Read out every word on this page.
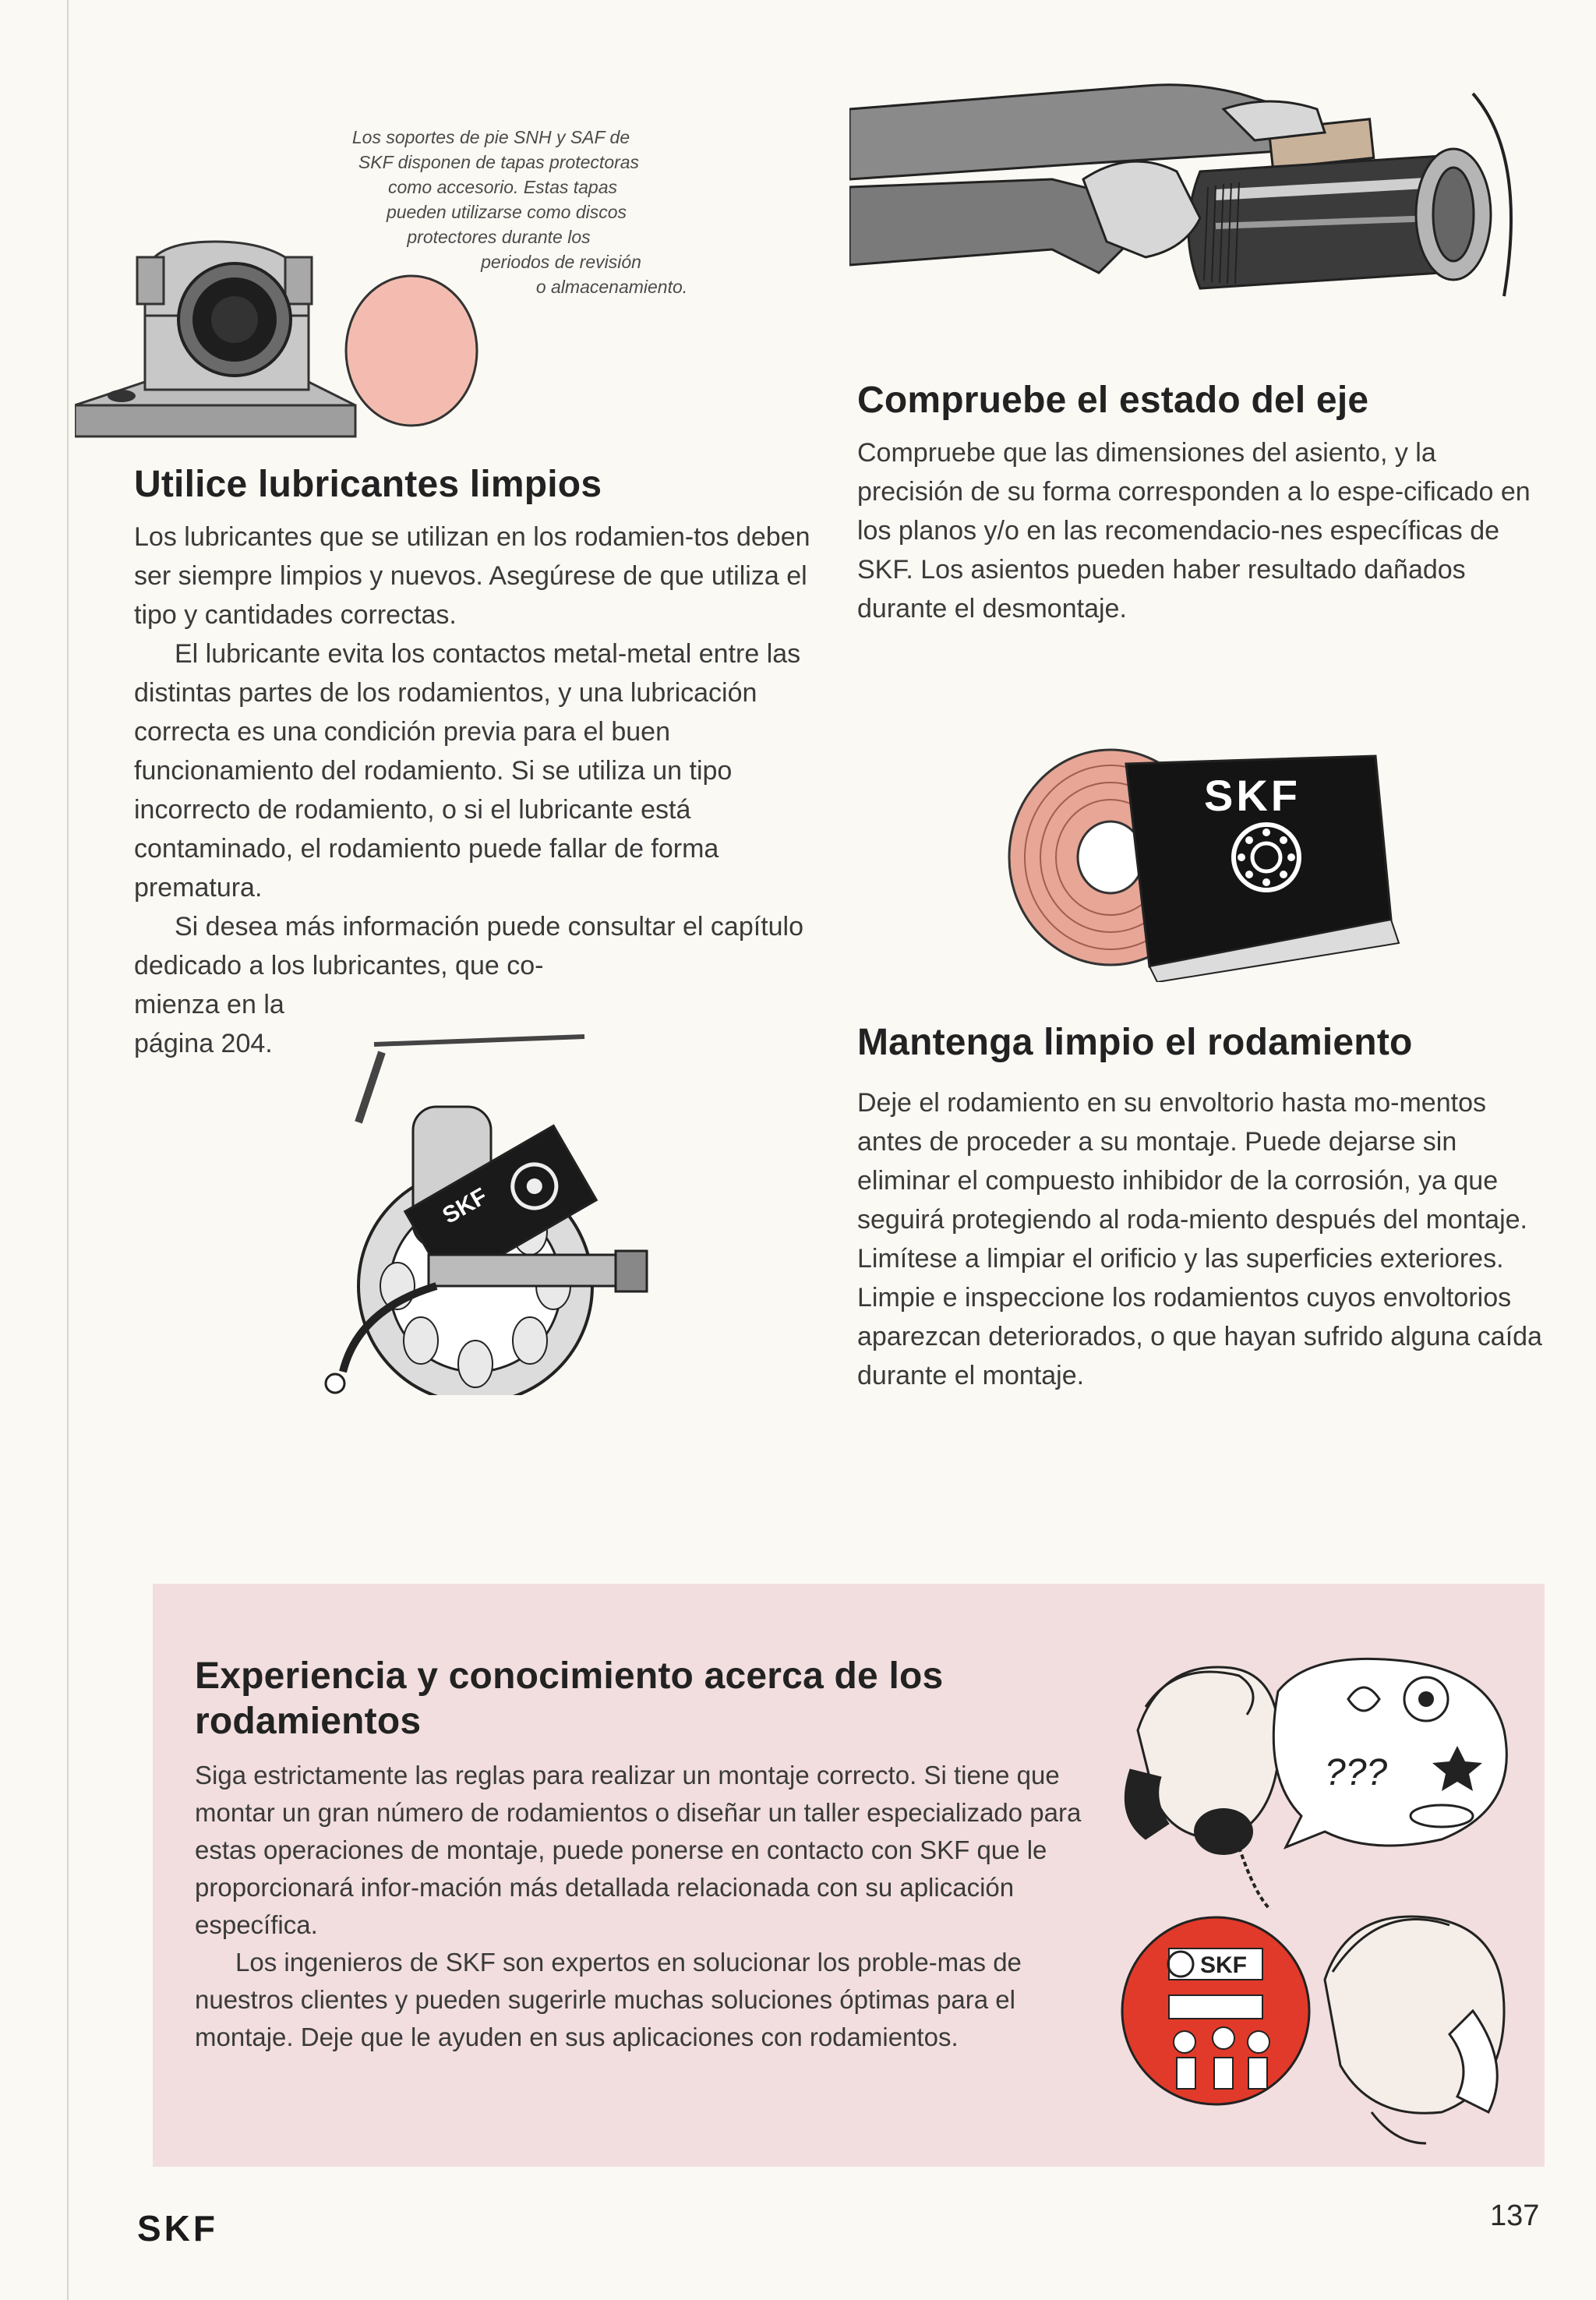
Los soportes de pie SNH y SAF de
SKF disponen de tapas protectoras
como accesorio. Estas tapas
pueden utilizarse como discos
protectores durante los
periodos de revisión
o almacenamiento.
Utilice lubricantes limpios

Los lubricantes que se utilizan en los rodamien-tos deben ser siempre limpios y nuevos. Asegúrese de que utiliza el tipo y cantidades correctas.

El lubricante evita los contactos metal-metal entre las distintas partes de los rodamientos, y una lubricación correcta es una condición previa para el buen funcionamiento del rodamiento. Si se utiliza un tipo incorrecto de rodamiento, o si el lubricante está contaminado, el rodamiento puede fallar de forma prematura.

Si desea más información puede consultar el capítulo dedicado a los lubricantes, que co-

mienza en la

página 204.

SKF
Compruebe el estado del eje

Compruebe que las dimensiones del asiento, y la precisión de su forma corresponden a lo espe-cificado en los planos y/o en las recomendacio-nes específicas de SKF. Los asientos pueden haber resultado dañados durante el desmontaje.

SKF
Mantenga limpio el rodamiento

Deje el rodamiento en su envoltorio hasta mo-mentos antes de proceder a su montaje. Puede dejarse sin eliminar el compuesto inhibidor de la corrosión, ya que seguirá protegiendo al roda-miento después del montaje. Limítese a limpiar el orificio y las superficies exteriores. Limpie e inspeccione los rodamientos cuyos envoltorios aparezcan deteriorados, o que hayan sufrido alguna caída durante el montaje.

Experiencia y conocimiento acerca de los rodamientos

Siga estrictamente las reglas para realizar un montaje correcto. Si tiene que montar un gran número de rodamientos o diseñar un taller especializado para estas operaciones de montaje, puede ponerse en contacto con SKF que le proporcionará infor-mación más detallada relacionada con su aplicación específica.

Los ingenieros de SKF son expertos en solucionar los proble-mas de nuestros clientes y pueden sugerirle muchas soluciones óptimas para el montaje. Deje que le ayuden en sus aplicaciones con rodamientos.

???
SKF
SKF	137
